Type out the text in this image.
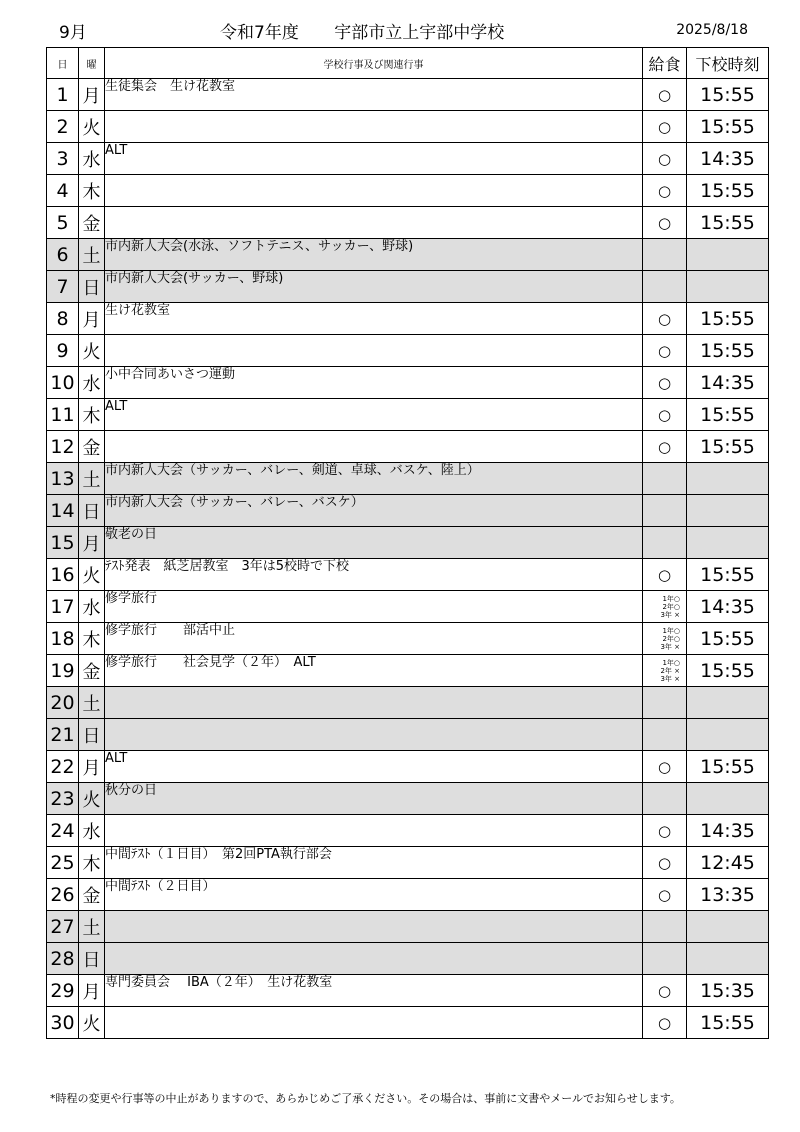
9月	令和7年度 宇部市立上宇部中学校	2025/8/18
日	曜	学校行事及び関連行事	給食	下校時刻
1	月	生徒集会　生け花教室	○	15:55
2	火		○	15:55
3	水	ALT	○	14:35
4	木		○	15:55
5	金		○	15:55
6	土	市内新人大会(水泳、ソフトテニス、サッカー、野球)		
7	日	市内新人大会(サッカー、野球)		
8	月	生け花教室	○	15:55
9	火		○	15:55
10	水	小中合同あいさつ運動	○	14:35
11	木	ALT	○	15:55
12	金		○	15:55
13	土	市内新人大会（サッカー、バレー、剣道、卓球、バスケ、陸上）		
14	日	市内新人大会（サッカー、バレー、バスケ）		
15	月	敬老の日		
16	火	ﾃｽﾄ発表　紙芝居教室　3年は5校時で下校	○	15:55
17	水	修学旅行	1年○
2年○
3年 ×	14:35
18	木	修学旅行　　部活中止	1年○
2年○
3年 ×	15:55
19	金	修学旅行　　社会見学（２年）　ALT	1年○
2年 ×
3年 ×	15:55
20	土			
21	日			
22	月	ALT	○	15:55
23	火	秋分の日		
24	水		○	14:35
25	木	中間ﾃｽﾄ（１日目）　第2回PTA執行部会	○	12:45
26	金	中間ﾃｽﾄ（２日目）	○	13:35
27	土			
28	日			
29	月	専門委員会　 IBA（２年）　生け花教室	○	15:35
30	火		○	15:55
*時程の変更や行事等の中止がありますので、あらかじめご了承ください。その場合は、事前に文書やメールでお知らせします。
